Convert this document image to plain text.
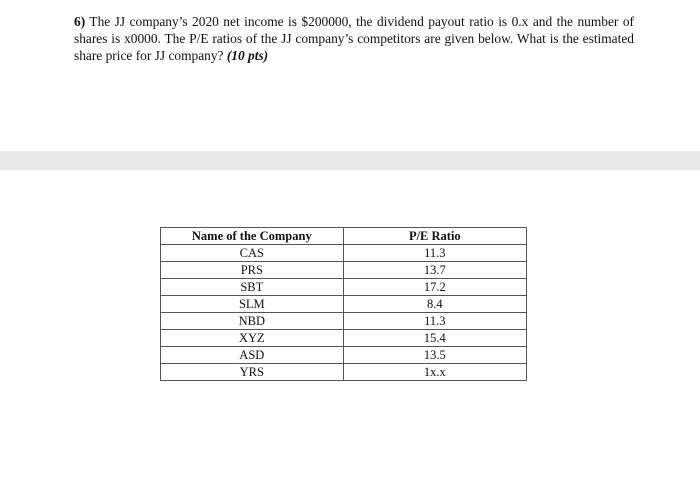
6) The JJ company’s 2020 net income is $200000, the dividend payout ratio is 0.x and the number of shares is x0000. The P/E ratios of the JJ company’s competitors are given below. What is the estimated share price for JJ company? (10 pts)

Name of the Company	P/E Ratio
CAS	11.3
PRS	13.7
SBT	17.2
SLM	8.4
NBD	11.3
XYZ	15.4
ASD	13.5
YRS	1x.x
